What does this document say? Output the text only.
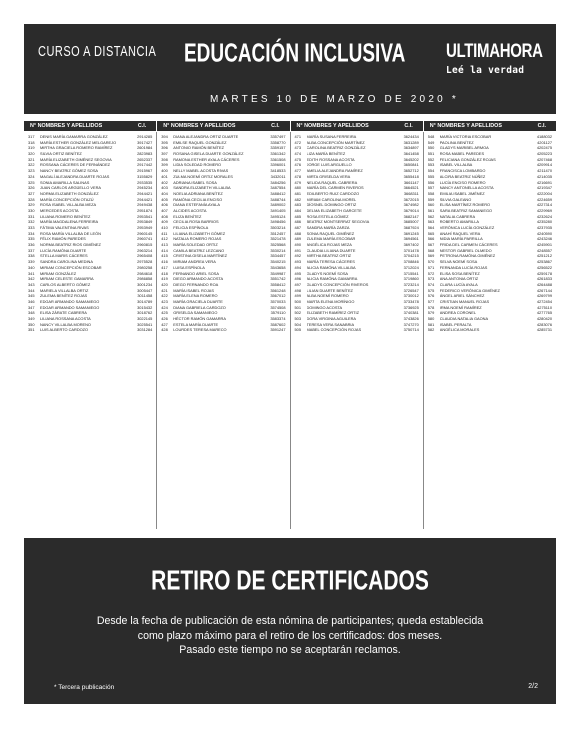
CURSO A DISTANCIA EDUCACIÓN INCLUSIVA
MARTES 10 DE MARZO DE 2020 *
ULTIMAHORA
Leé la verdad
N° NOMBRES Y APELLIDOS	C.I.	N° NOMBRES Y APELLIDOS	C.I.	N° NOMBRES Y APELLIDOS	C.I.	N° NOMBRES Y APELLIDOS	C.I.
317	DENIS MARÍA GAMARRA GONZÁLEZ	2914285
318	MARÍA ESTHER GONZÁLEZ MELGAREJO	3917427
319	MIRTHA GRACIELA ROMERO RAMÍREZ	2601984
320	SILVIA ORTIZ BENÍTEZ	2823983
321	MARÍA ELIZABETH GIMÉNEZ SEGOVIA	2652337
322	ROSSANA CÁCERES DE FERNÁNDEZ	2917442
323	NANCY BEATRIZ GÓMEZ SOSA	2915967
324	MAGALÍ ALEJANDRA DUARTE ROJAS	3155829
325	SONIA AMARILLA SALINAS	2933535
326	JUAN CARLOS ARGÜELLO VERA	2945234
327	NORMA ELIZABETH GONZÁLEZ	2944421
328	MARÍA CONCEPCIÓN OTAZÚ	2944421
329	ROSA ISABEL VILLALBA MEZA	2949438
330	MERCEDES ACOSTA	2951874
331	LILIANA ROMERO BENÍTEZ	2953541
332	MARÍA MAGDALENA FERREIRA	2953849
333	FÁTIMA VALENTINA RIVAS	2953949
334	ROSA MARÍA VILLALBA DE LEÓN	2960145
335	FÉLIX RAMÓN PAREDES	2960741
336	NORMA BEATRIZ RIOS GIMÉNEZ	2960815
337	LUCÍA RAMÓNA DUARTE	2963214
338	STELLA MARIS CÁCERES	2965408
339	SANDRA CAROLINA MEDINA	2975528
340	MIRIAM CONCEPCIÓN ESCOBAR	2980258
341	MIRIAM GONZÁLEZ	2984618
342	MIRIAM CELESTE GAMARRA	2986858
343	CARLOS ALBERTO GÓMEZ	3001234
344	MARIELA VILLALBA ORTIZ	3005447
345	ZULEMA BENÍTEZ ROJAS	3011458
346	EDGAR ARMANDO SAMANIEGO	3014789
347	EDGAR ARMANDO SAMANIEGO	3015432
348	ELISA ZÁRATE CABRERA	3018762
349	LILIANA ROSSANA ACOSTA	3022145
350	NANCY VILLALBA MORENO	3025541
351	LUIS ALBERTO CARDOZO	3031284
394	DIANA ALEJANDRA ORTIZ DUARTE	3357497
395	EMILSE RAQUEL GONZÁLEZ	3358770
396	ANTONIO RAMÓN BENÍTEZ	3359157
397	ROSANA GISELA DUARTE GONZÁLEZ	3361342
398	RAMONA ESTHER AYALA CÁCERES	3361508
399	LIDIA SOLEDAD ROMERO	3396001
400	NELLY MABEL ACOSTA RIVAS	3418533
401	ZULMA NOEMÍ ORTIZ MORALES	3432011
402	ADRIANA ISABEL SOSA	3484256
403	SANDRA ELIZABETH VILLALBA	3487554
404	NOELIA ADRIANA BENÍTEZ	3488412
405	RAMÓNA CECILIA ENCISO	3488744
406	DIANA ESTEFANÍA AYALA	3489002
407	ALCIDES ACOSTA	3491405
408	ELIZA BENÍTEZ	3495124
409	CECILIA ROSA BARRIOS	3498456
410	FELICIA ESPÍNOLA	3503214
411	LILIANA ELIZABETH GÓMEZ	3512457
412	NATALIA ROMERO ROJAS	3521478
413	MARÍA SOLEDAD ORTIZ	3525568
414	CAMILA BEATRIZ LEZCANO	3530214
415	CRISTINA GISELA MARTÍNEZ	3534457
416	MIRIAM ANDREA VERA	3540215
417	LUISA ESPÍNOLA	3543658
418	FERNANDO ARIEL SOSA	3549987
419	DIEGO ARMANDO ACOSTA	3551742
420	DIEGO FERNANDO ROA	3558412
421	MARÍA ISABEL ROJAS	3561248
422	MARÍA ELENA ROMERO	3567012
423	MARÍA GRACIELA DUARTE	3570033
424	DIANA GABRIELA CARDOZO	3574508
425	GRISELDA SAMANIEGO	3579110
426	HÉCTOR RAMÓN GAMARRA	3583374
427	ESTELA MARÍA DUARTE	3587602
428	LOURDES TERESA MARECO	3591247
471	MARÍA SUSANA FERREIRA	3624434
472	ALBA CONCEPCIÓN MARTÍNEZ	3631289
473	CAROLINA BEATRIZ GONZÁLEZ	3634897
474	LIZA MARÍA BENÍTEZ	3641458
475	EDITH ROSSANA ACOSTA	3645202
476	JORGE LUIS ARGUELLO	3650841
477	AMELIA ALEJANDRA RAMÍREZ	3652712
478	MIRTA GRISELDA VERA	3655418
479	NELIDA RAQUEL CABRERA	3661147
480	MARÍA DEL CARMEN RIVEROS	3664521
481	EDILBERTO RUIZ CARDOZO	3668311
482	MIRIAM CAROLINA MOREL	3672015
483	DÍOSNEL DOMINGO ORTIZ	3674982
484	DELMA ELIZABETH GARCETE	3679014
485	ROSA ESTELA GÓMEZ	3682147
486	BEATRIZ MONTSERRAT SEGOVIA	3685007
487	SANDRA MARÍA ZARZA	3687924
488	SONIA RAQUEL GIMÉNEZ	3691245
489	ZULEMA MARÍA ESCOBAR	3694561
490	ANGÉLICA ROJAS MEZA	3697402
491	CLAUDIA LILIANA DUARTE	3701478
492	MIRTHA BEATRIZ ORTIZ	3704215
493	MARÍA TERESA CÁCERES	3708846
494	ALICIA RAMÓNA VILLALBA	3712024
495	GLADYS NOEMÍ SOSA	3715541
496	ALICIA RAMÓNA GAMARRA	3719860
497	GLADYS CONCEPCIÓN RIVEROS	3723214
498	LILIAN DUARTE BENÍTEZ	3726547
499	ALBA NOEMÍ ROMERO	3730012
500	MARTA ELENA MORÍNIGO	3733478
501	DOMINGO ACOSTA	3736925
502	ELIZABETH RAMÍREZ ORTIZ	3740381
503	DORA VIRGINIA AGUILERA	3743826
504	TERESA VERA SANABRIA	3747270
505	MABEL CONCEPCIÓN ROJAS	3750714
548	MARÍA VICTORIA ESCOBAR	4188032
549	PAOLINA BENÍTEZ	4201127
550	GLADYS MARIBEL ARMOA	4202475
551	ROSA MABEL PAREDES	4205223
552	FELICIANA GONZÁLEZ ROJAS	4207468
553	ISABEL VILLALBA	4209914
554	FRANCISCA LOMBARDO	4211470
555	ALCIRA BEATRIZ NÚÑEZ	4214035
556	LUCÍA ENCISO ROMERO	4216691
557	NANCY ANTONELLA ACOSTA	4219347
558	EMILIA ISABEL JIMÉNEZ	4222004
559	SILVIA GALEANO	4224659
560	ELISA MARTÍNEZ ROMERO	4227314
561	SARA BEATRIZ SAMANIEGO	4229969
562	NATALIA CABRERA	4232624
563	ROBERTO AMARILLA	4235280
564	VERÓNICA LUCÍA GONZÁLEZ	4237935
565	ANAHÍ RAQUEL VERA	4240590
566	NIDIA MARÍA PARRILLA	4243246
567	FRIDA DEL CARMEN CÁCERES	4245901
568	NESTOR GABRIEL OLMEDO	4248557
569	PETRONA RAMÓNA GIMÉNEZ	4251212
570	SELVA NOEMÍ SOSA	4253867
571	FERNANDA LUCÍA ROJAS	4256522
572	ELISA SOSA BENÍTEZ	4259178
573	ANA ANTONIA ORTIZ	4261833
574	CLARA LUCÍA AYALA	4264488
575	FEDERICO VERÓNICA GIMÉNEZ	4267144
576	ÁNGEL ARIEL SÁNCHEZ	4269799
577	CRISTIAN MANUEL ROJAS	4272454
578	IRMA NOEMÍ RAMÍREZ	4275110
579	ANDREA CORONEL	4277765
580	CLAUDIA NATALIA GAONA	4280420
581	ISABEL PERALTA	4283076
582	ANGÉLICA MORALES	4285731
RETIRO DE CERTIFICADOS
Desde la fecha de publicación de esta nómina de participantes; queda establecida
como plazo máximo para el retiro de los certificados: dos meses.
Pasado este tiempo no se aceptarán reclamos.
* Tercera publicación	2/2
